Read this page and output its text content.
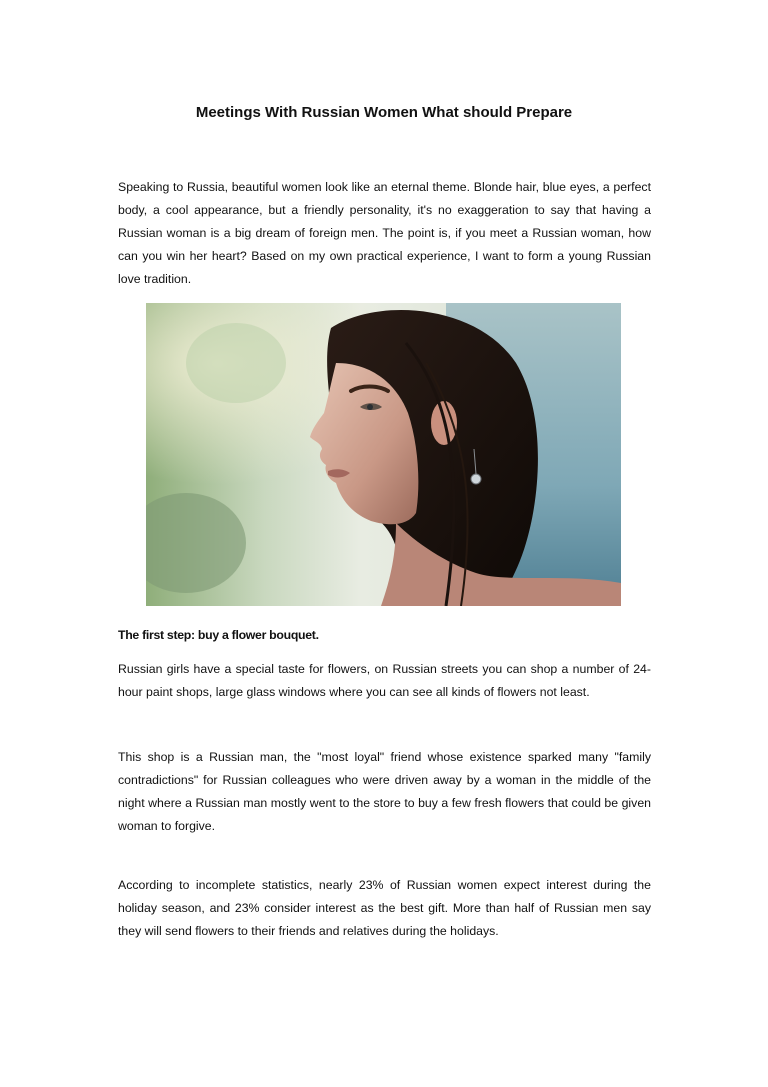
Meetings With Russian Women What should Prepare

Speaking to Russia, beautiful women look like an eternal theme. Blonde hair, blue eyes, a perfect body, a cool appearance, but a friendly personality, it's no exaggeration to say that having a Russian woman is a big dream of foreign men. The point is, if you meet a Russian woman, how can you win her heart? Based on my own practical experience, I want to form a young Russian love tradition.

The first step: buy a flower bouquet.

Russian girls have a special taste for flowers, on Russian streets you can shop a number of 24-hour paint shops, large glass windows where you can see all kinds of flowers not least.

This shop is a Russian man, the "most loyal" friend whose existence sparked many "family contradictions" for Russian colleagues who were driven away by a woman in the middle of the night where a Russian man mostly went to the store to buy a few fresh flowers that could be given woman to forgive.

According to incomplete statistics, nearly 23% of Russian women expect interest during the holiday season, and 23% consider interest as the best gift. More than half of Russian men say they will send flowers to their friends and relatives during the holidays.
